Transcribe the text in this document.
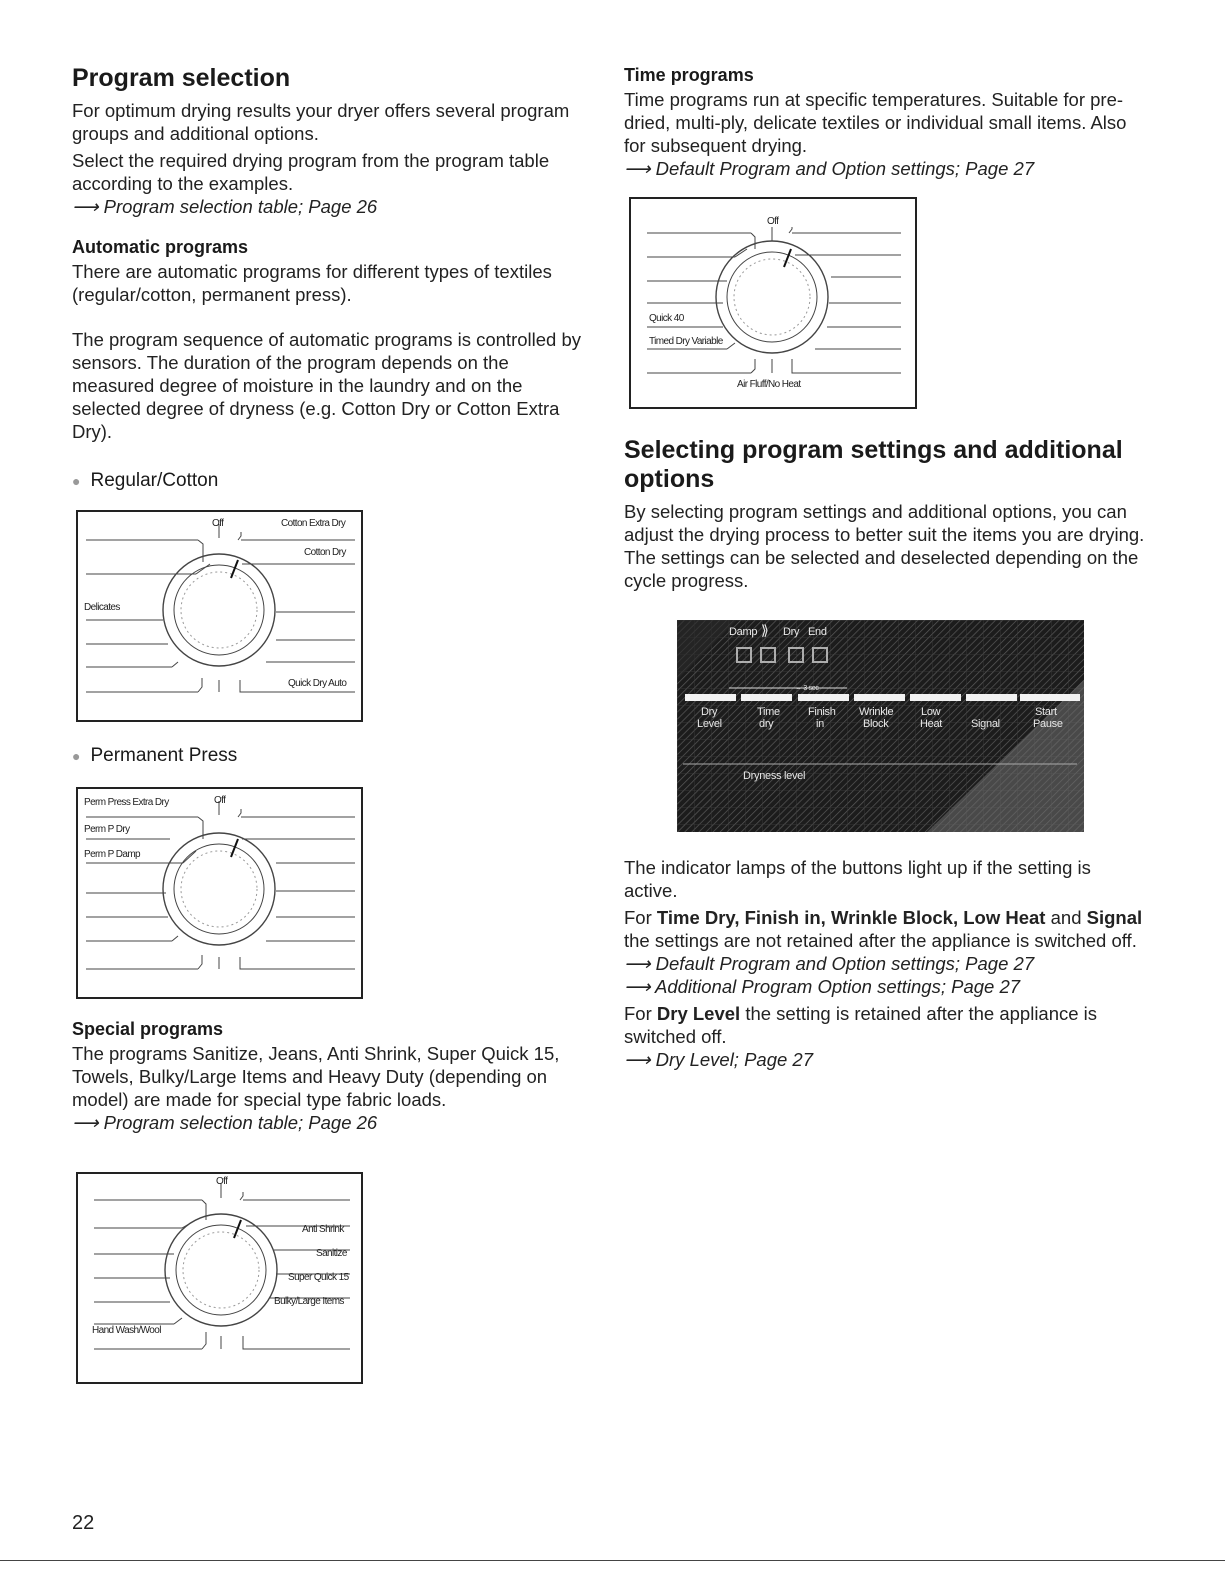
Program selection

For optimum drying results your dryer offers several program groups and additional options.

Select the required drying program from the program table according to the examples.

⟶ Program selection table; Page 26

Automatic programs

There are automatic programs for different types of textiles (regular/cotton, permanent press).

The program sequence of automatic programs is controlled by sensors. The duration of the program depends on the measured degree of moisture in the laundry and on the selected degree of dryness (e.g. Cotton Dry or Cotton Extra Dry).

● Regular/Cotton
● Permanent Press
Special programs

The programs Sanitize, Jeans, Anti Shrink, Super Quick 15, Towels, Bulky/Large Items and Heavy Duty (depending on model) are made for special type fabric loads.

⟶ Program selection table; Page 26

Off	Cotton Extra Dry
Cotton Dry
Delicates
Quick Dry Auto
Off
Perm Press Extra Dry
Perm P Dry
Perm P Damp
Off
Anti Shrink
Sanitize
Super Quick 15
Bulky/Large Items
Hand Wash/Wool
Time programs

Time programs run at specific temperatures. Suitable for pre-dried, multi-ply, delicate textiles or individual small items. Also for subsequent drying.

⟶ Default Program and Option settings; Page 27

Off
Quick 40
Timed Dry Variable
Air Fluff/No Heat
Selecting program settings and additional options

By selecting program settings and additional options, you can adjust the drying process to better suit the items you are drying.

The settings can be selected and deselected depending on the cycle progress.

Damp ⟫ Dry End
⇔ 3 sec
Dry
Level
Time
dry
Finish
in
Wrinkle
Block
Low
Heat	Signal
Start
Pause
Dryness level

The indicator lamps of the buttons light up if the setting is active.

For Time Dry, Finish in, Wrinkle Block, Low Heat and Signal the settings are not retained after the appliance is switched off.

⟶ Default Program and Option settings; Page 27

⟶ Additional Program Option settings; Page 27

For Dry Level the setting is retained after the appliance is switched off.

⟶ Dry Level; Page 27

22
